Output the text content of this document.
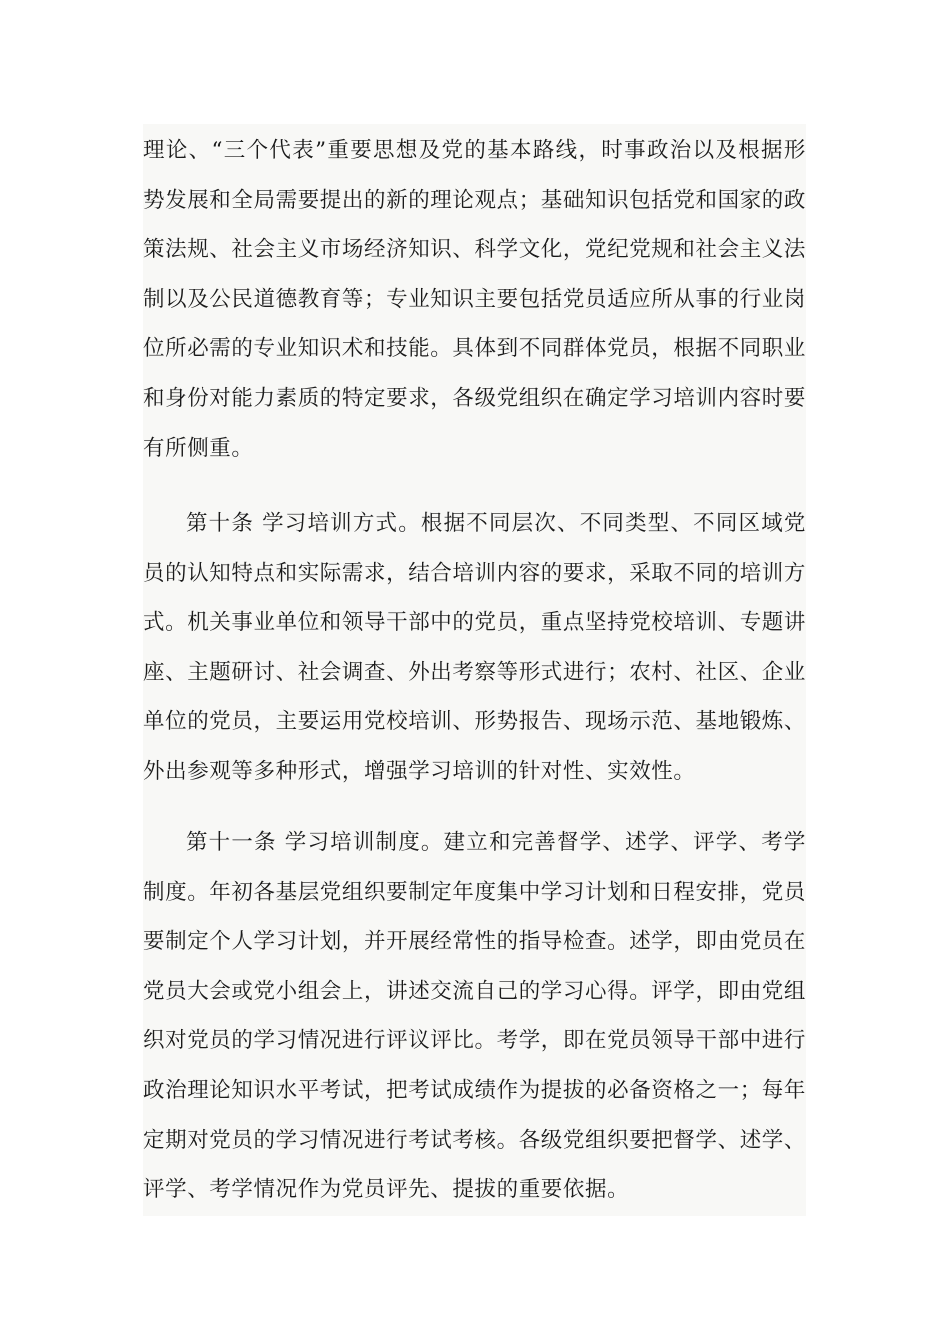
理论、“三个代表”重要思想及党的基本路线，时事政治以及根据形势发展和全局需要提出的新的理论观点；基础知识包括党和国家的政策法规、社会主义市场经济知识、科学文化，党纪党规和社会主义法制以及公民道德教育等；专业知识主要包括党员适应所从事的行业岗位所必需的专业知识术和技能。具体到不同群体党员，根据不同职业和身份对能力素质的特定要求，各级党组织在确定学习培训内容时要有所侧重。

第十条 学习培训方式。根据不同层次、不同类型、不同区域党员的认知特点和实际需求，结合培训内容的要求，采取不同的培训方式。机关事业单位和领导干部中的党员，重点坚持党校培训、专题讲座、主题研讨、社会调查、外出考察等形式进行；农村、社区、企业单位的党员，主要运用党校培训、形势报告、现场示范、基地锻炼、外出参观等多种形式，增强学习培训的针对性、实效性。

第十一条 学习培训制度。建立和完善督学、述学、评学、考学制度。年初各基层党组织要制定年度集中学习计划和日程安排，党员要制定个人学习计划，并开展经常性的指导检查。述学，即由党员在党员大会或党小组会上，讲述交流自己的学习心得。评学，即由党组织对党员的学习情况进行评议评比。考学，即在党员领导干部中进行政治理论知识水平考试，把考试成绩作为提拔的必备资格之一；每年定期对党员的学习情况进行考试考核。各级党组织要把督学、述学、评学、考学情况作为党员评先、提拔的重要依据。
